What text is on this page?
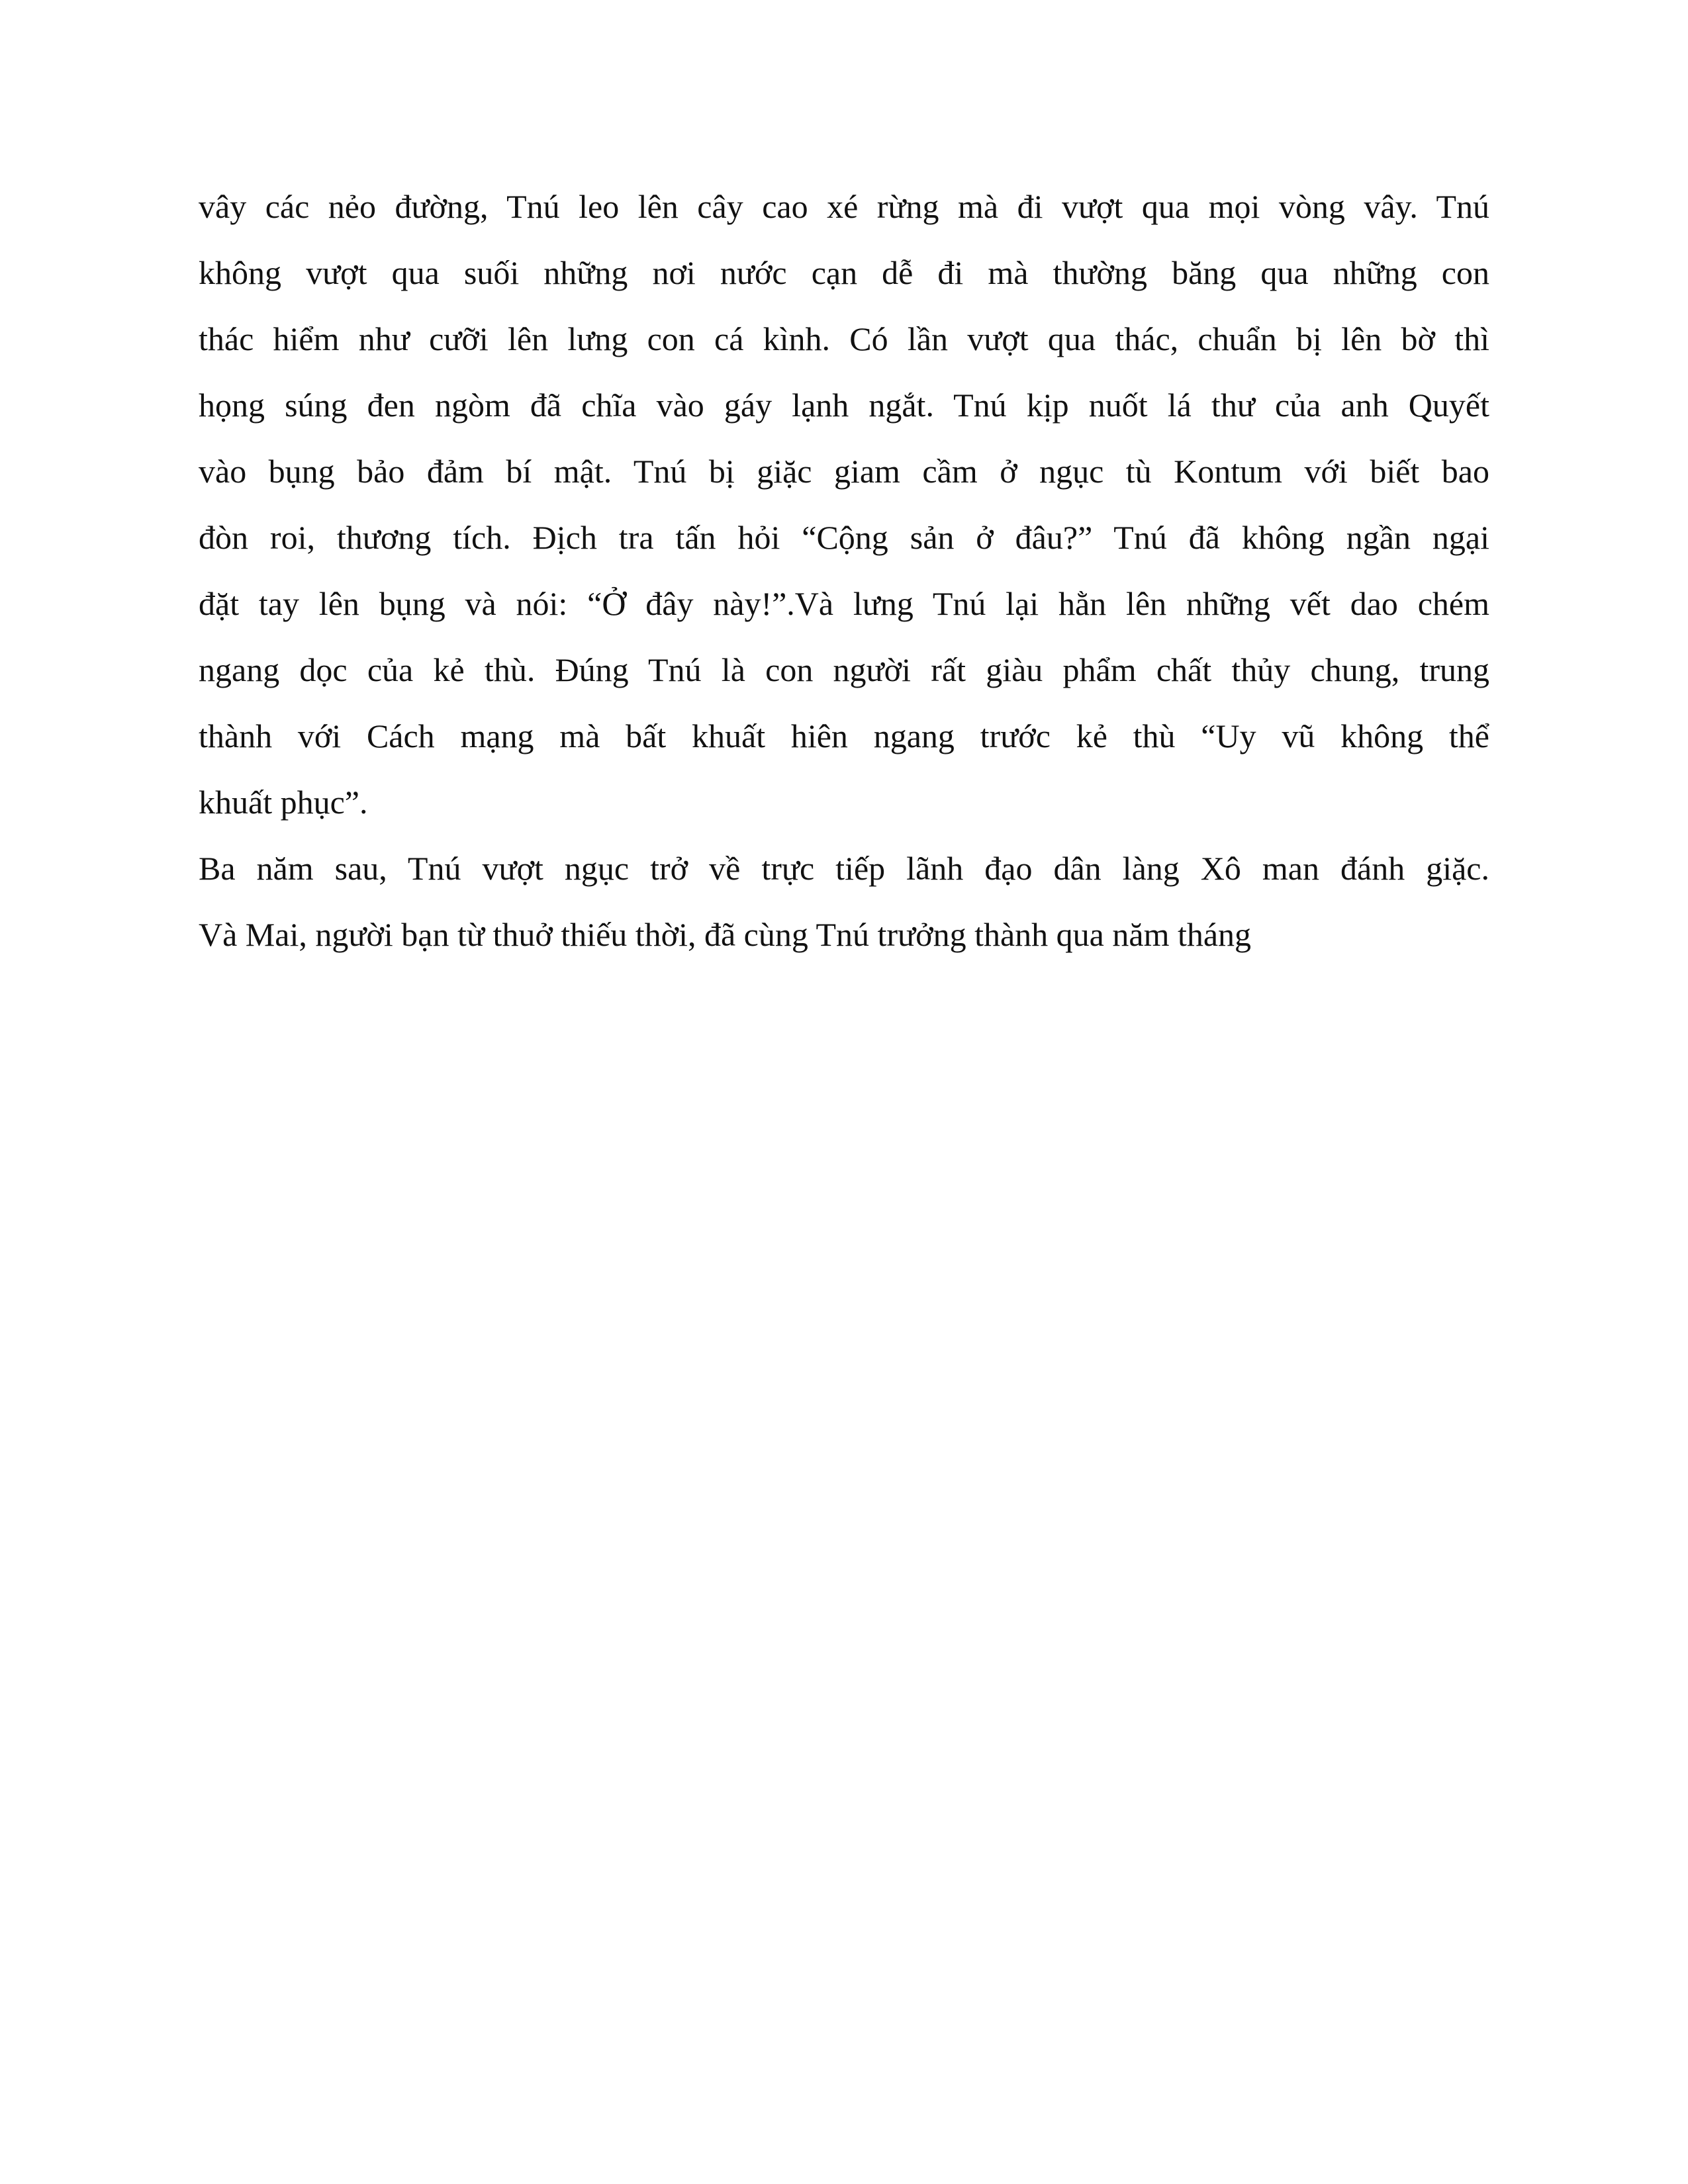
vây các nẻo đường, Tnú leo lên cây cao xé rừng mà đi vượt qua mọi vòng vây. Tnú
không vượt qua suối những nơi nước cạn dễ đi mà thường băng qua những con
thác hiểm như cưỡi lên lưng con cá kình. Có lần vượt qua thác, chuẩn bị lên bờ thì
họng súng đen ngòm đã chĩa vào gáy lạnh ngắt. Tnú kịp nuốt lá thư của anh Quyết
vào bụng bảo đảm bí mật. Tnú bị giặc giam cầm ở ngục tù Kontum với biết bao
đòn roi, thương tích. Địch tra tấn hỏi “Cộng sản ở đâu?” Tnú đã không ngần ngại
đặt tay lên bụng và nói: “Ở đây này!”.Và lưng Tnú lại hằn lên những vết dao chém
ngang dọc của kẻ thù. Đúng Tnú là con người rất giàu phẩm chất thủy chung, trung
thành với Cách mạng mà bất khuất hiên ngang trước kẻ thù “Uy vũ không thể
khuất phục”.
Ba năm sau, Tnú vượt ngục trở về trực tiếp lãnh đạo dân làng Xô man đánh giặc.
Và Mai, người bạn từ thuở thiếu thời, đã cùng Tnú trưởng thành qua năm tháng
